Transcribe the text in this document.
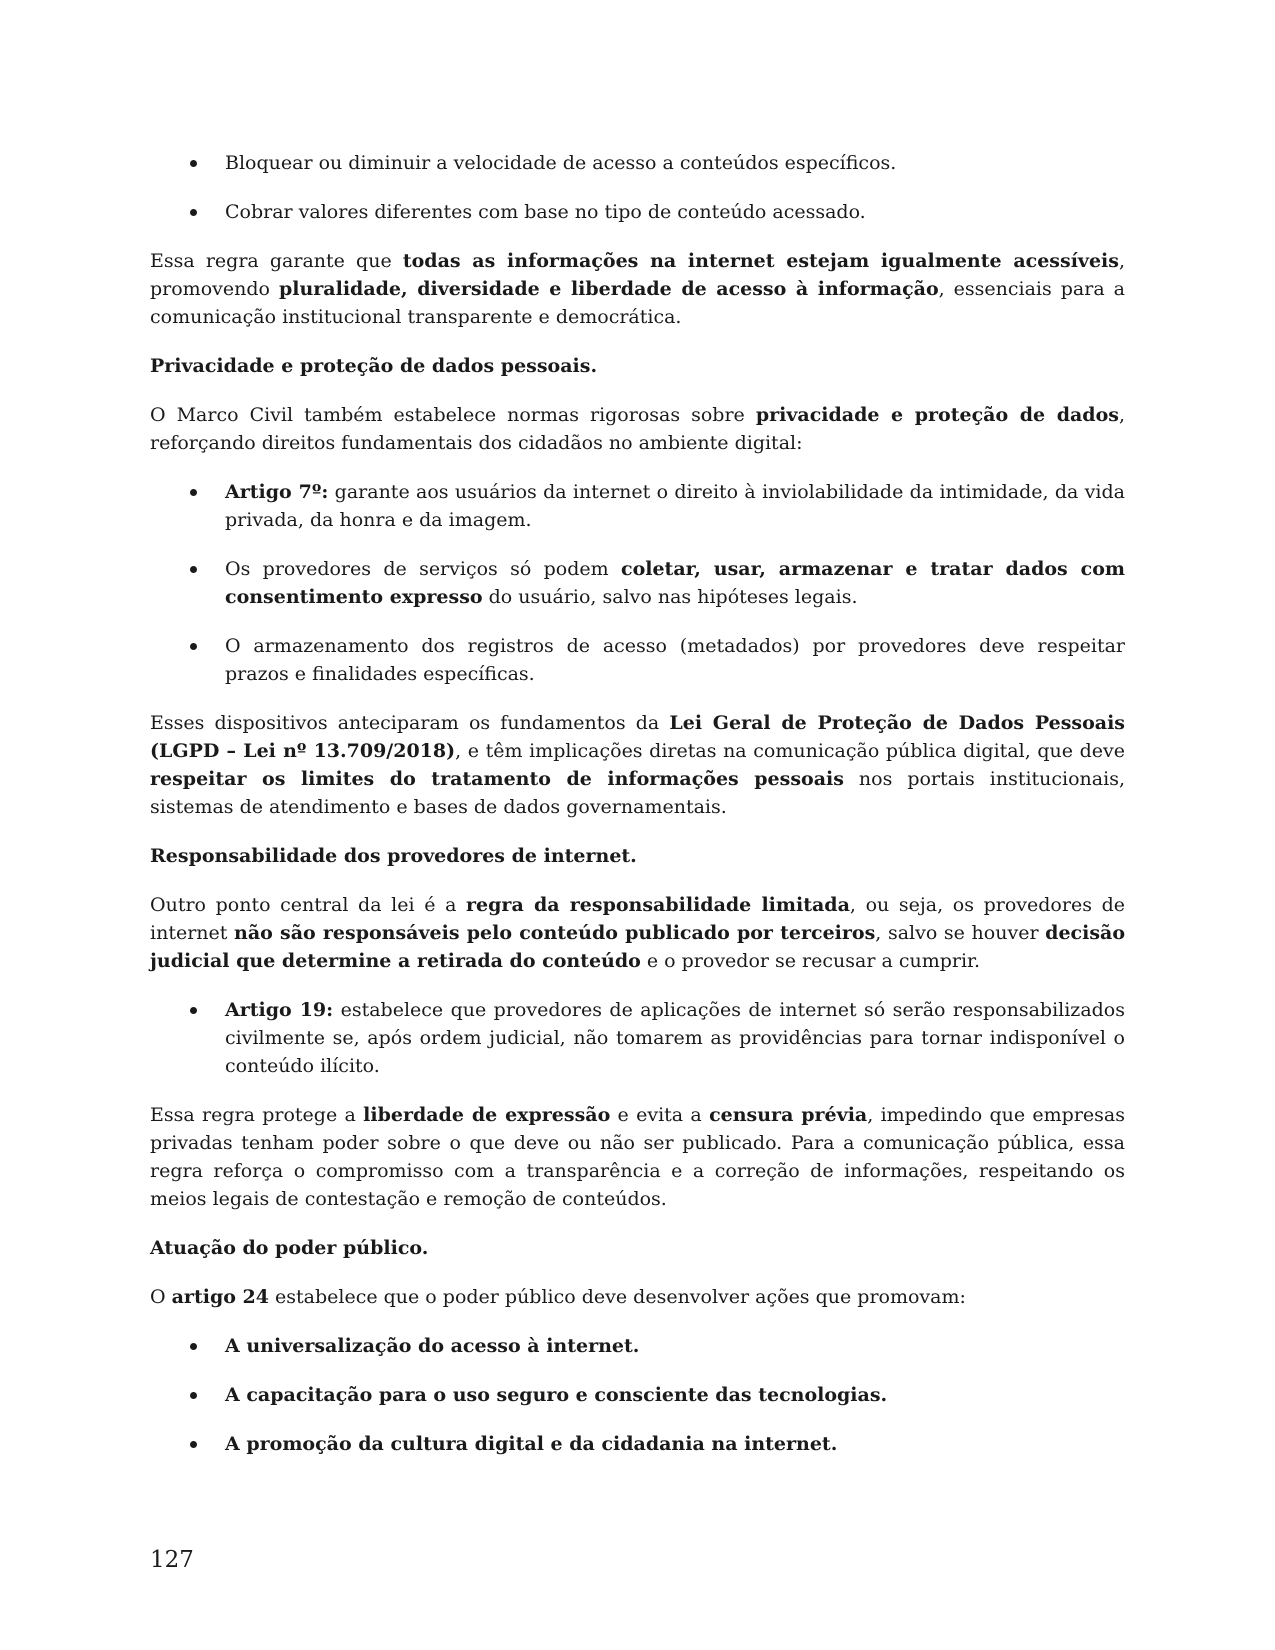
Bloquear ou diminuir a velocidade de acesso a conteúdos específicos.
Cobrar valores diferentes com base no tipo de conteúdo acessado.

Essa regra garante que todas as informações na internet estejam igualmente acessíveis, promovendo pluralidade, diversidade e liberdade de acesso à informação, essenciais para a comunicação institucional transparente e democrática.

Privacidade e proteção de dados pessoais.

O Marco Civil também estabelece normas rigorosas sobre privacidade e proteção de dados, reforçando direitos fundamentais dos cidadãos no ambiente digital:

Artigo 7º: garante aos usuários da internet o direito à inviolabilidade da intimidade, da vida privada, da honra e da imagem.
Os provedores de serviços só podem coletar, usar, armazenar e tratar dados com consentimento expresso do usuário, salvo nas hipóteses legais.
O armazenamento dos registros de acesso (metadados) por provedores deve respeitar prazos e finalidades específicas.

Esses dispositivos anteciparam os fundamentos da Lei Geral de Proteção de Dados Pessoais (LGPD – Lei nº 13.709/2018), e têm implicações diretas na comunicação pública digital, que deve respeitar os limites do tratamento de informações pessoais nos portais institucionais, sistemas de atendimento e bases de dados governamentais.

Responsabilidade dos provedores de internet.

Outro ponto central da lei é a regra da responsabilidade limitada, ou seja, os provedores de internet não são responsáveis pelo conteúdo publicado por terceiros, salvo se houver decisão judicial que determine a retirada do conteúdo e o provedor se recusar a cumprir.

Artigo 19: estabelece que provedores de aplicações de internet só serão responsabilizados civilmente se, após ordem judicial, não tomarem as providências para tornar indisponível o conteúdo ilícito.

Essa regra protege a liberdade de expressão e evita a censura prévia, impedindo que empresas privadas tenham poder sobre o que deve ou não ser publicado. Para a comunicação pública, essa regra reforça o compromisso com a transparência e a correção de informações, respeitando os meios legais de contestação e remoção de conteúdos.

Atuação do poder público.

O artigo 24 estabelece que o poder público deve desenvolver ações que promovam:

A universalização do acesso à internet.
A capacitação para o uso seguro e consciente das tecnologias.
A promoção da cultura digital e da cidadania na internet.
127
